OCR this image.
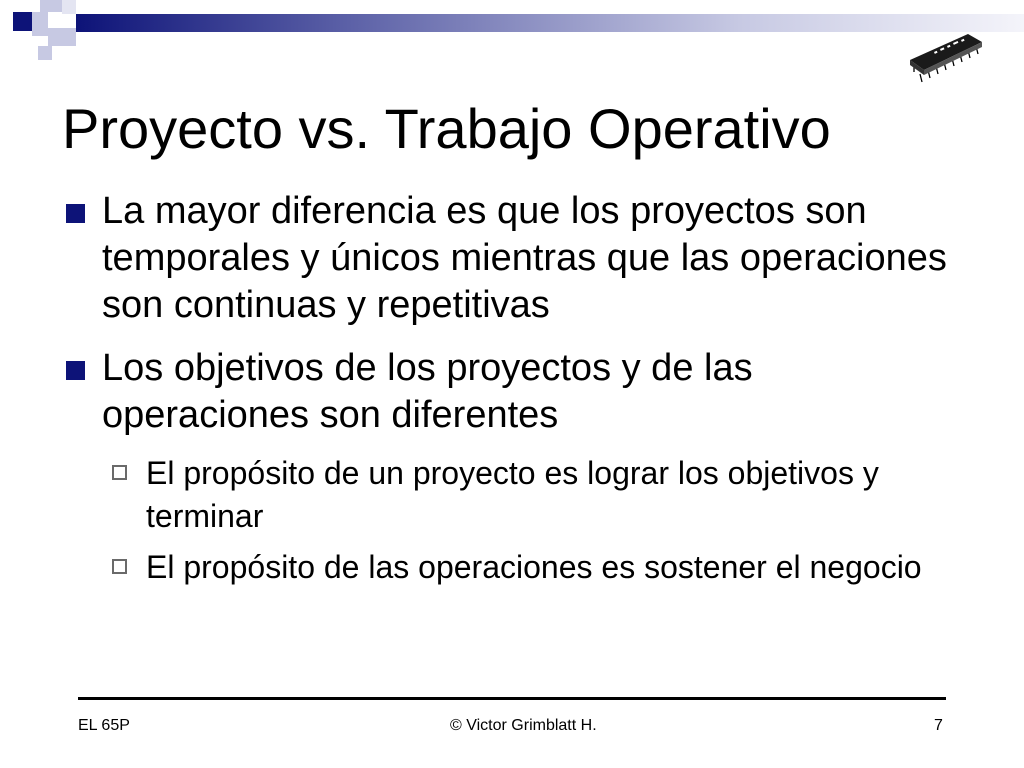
Proyecto vs. Trabajo Operativo
La mayor diferencia es que los proyectos son temporales y únicos mientras que las operaciones son continuas y repetitivas
Los objetivos de los proyectos y de las operaciones son diferentes
El propósito de un proyecto es lograr los objetivos y terminar
El propósito de las operaciones es sostener el negocio
EL 65P	© Victor Grimblatt H.	7
